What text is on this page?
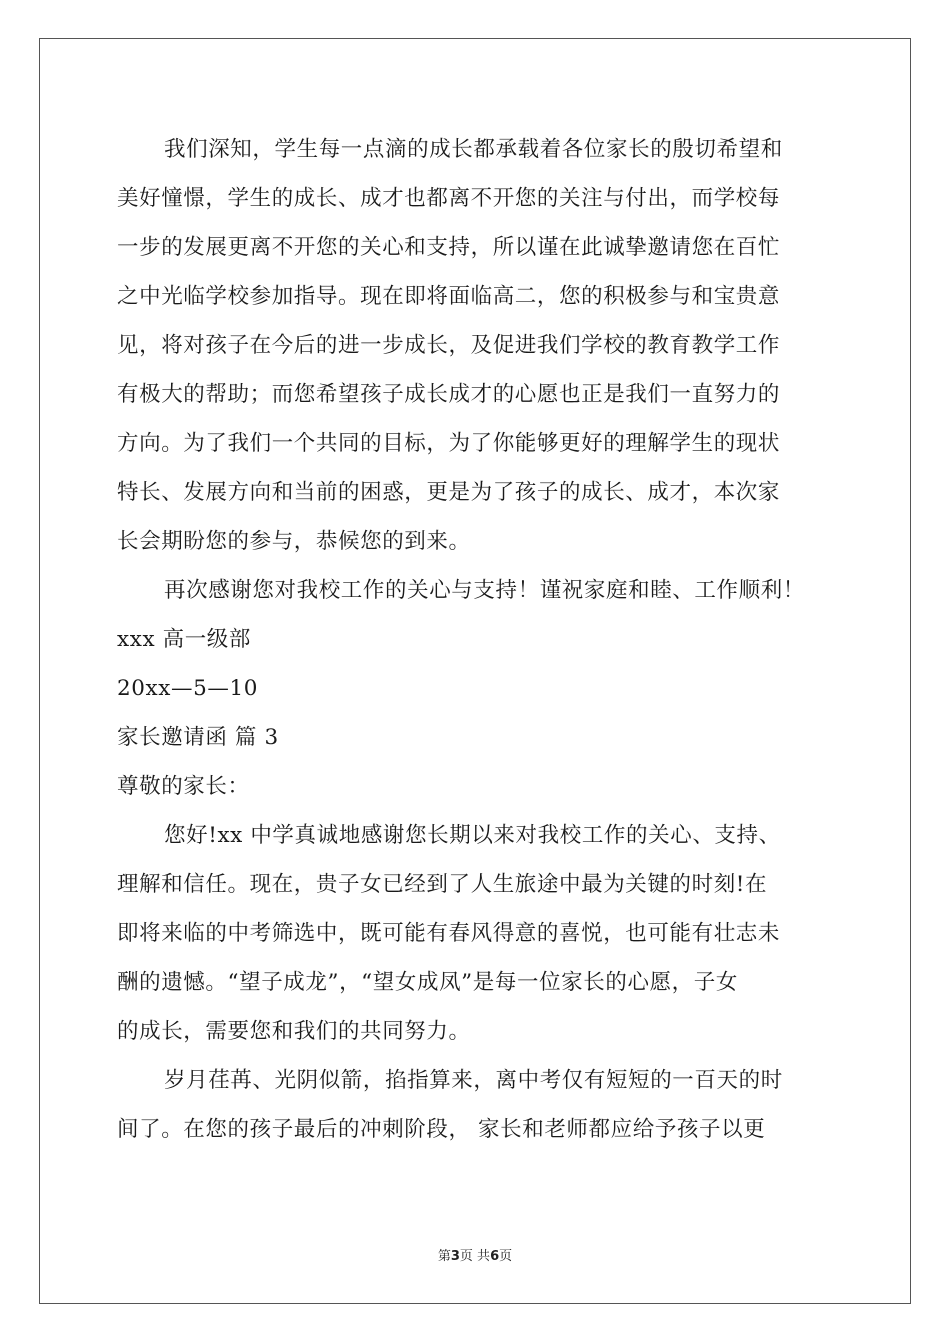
我们深知，学生每一点滴的成长都承载着各位家长的殷切希望和
美好憧憬，学生的成长、成才也都离不开您的关注与付出，而学校每
一步的发展更离不开您的关心和支持，所以谨在此诚挚邀请您在百忙
之中光临学校参加指导。现在即将面临高二，您的积极参与和宝贵意
见，将对孩子在今后的进一步成长，及促进我们学校的教育教学工作
有极大的帮助；而您希望孩子成长成才的心愿也正是我们一直努力的
方向。为了我们一个共同的目标，为了你能够更好的理解学生的现状
特长、发展方向和当前的困惑，更是为了孩子的成长、成才，本次家
长会期盼您的参与，恭候您的到来。
再次感谢您对我校工作的关心与支持！谨祝家庭和睦、工作顺利！
xxx 高一级部
20xx—5—10
家长邀请函 篇 3
尊敬的家长：
您好!xx 中学真诚地感谢您长期以来对我校工作的关心、支持、
理解和信任。现在，贵子女已经到了人生旅途中最为关键的时刻!在
即将来临的中考筛选中，既可能有春风得意的喜悦，也可能有壮志未
酬的遗憾。“望子成龙”，“望女成凤”是每一位家长的心愿，子女
的成长，需要您和我们的共同努力。
岁月荏苒、光阴似箭，掐指算来，离中考仅有短短的一百天的时
间了。在您的孩子最后的冲刺阶段， 家长和老师都应给予孩子以更
第3页 共6页
